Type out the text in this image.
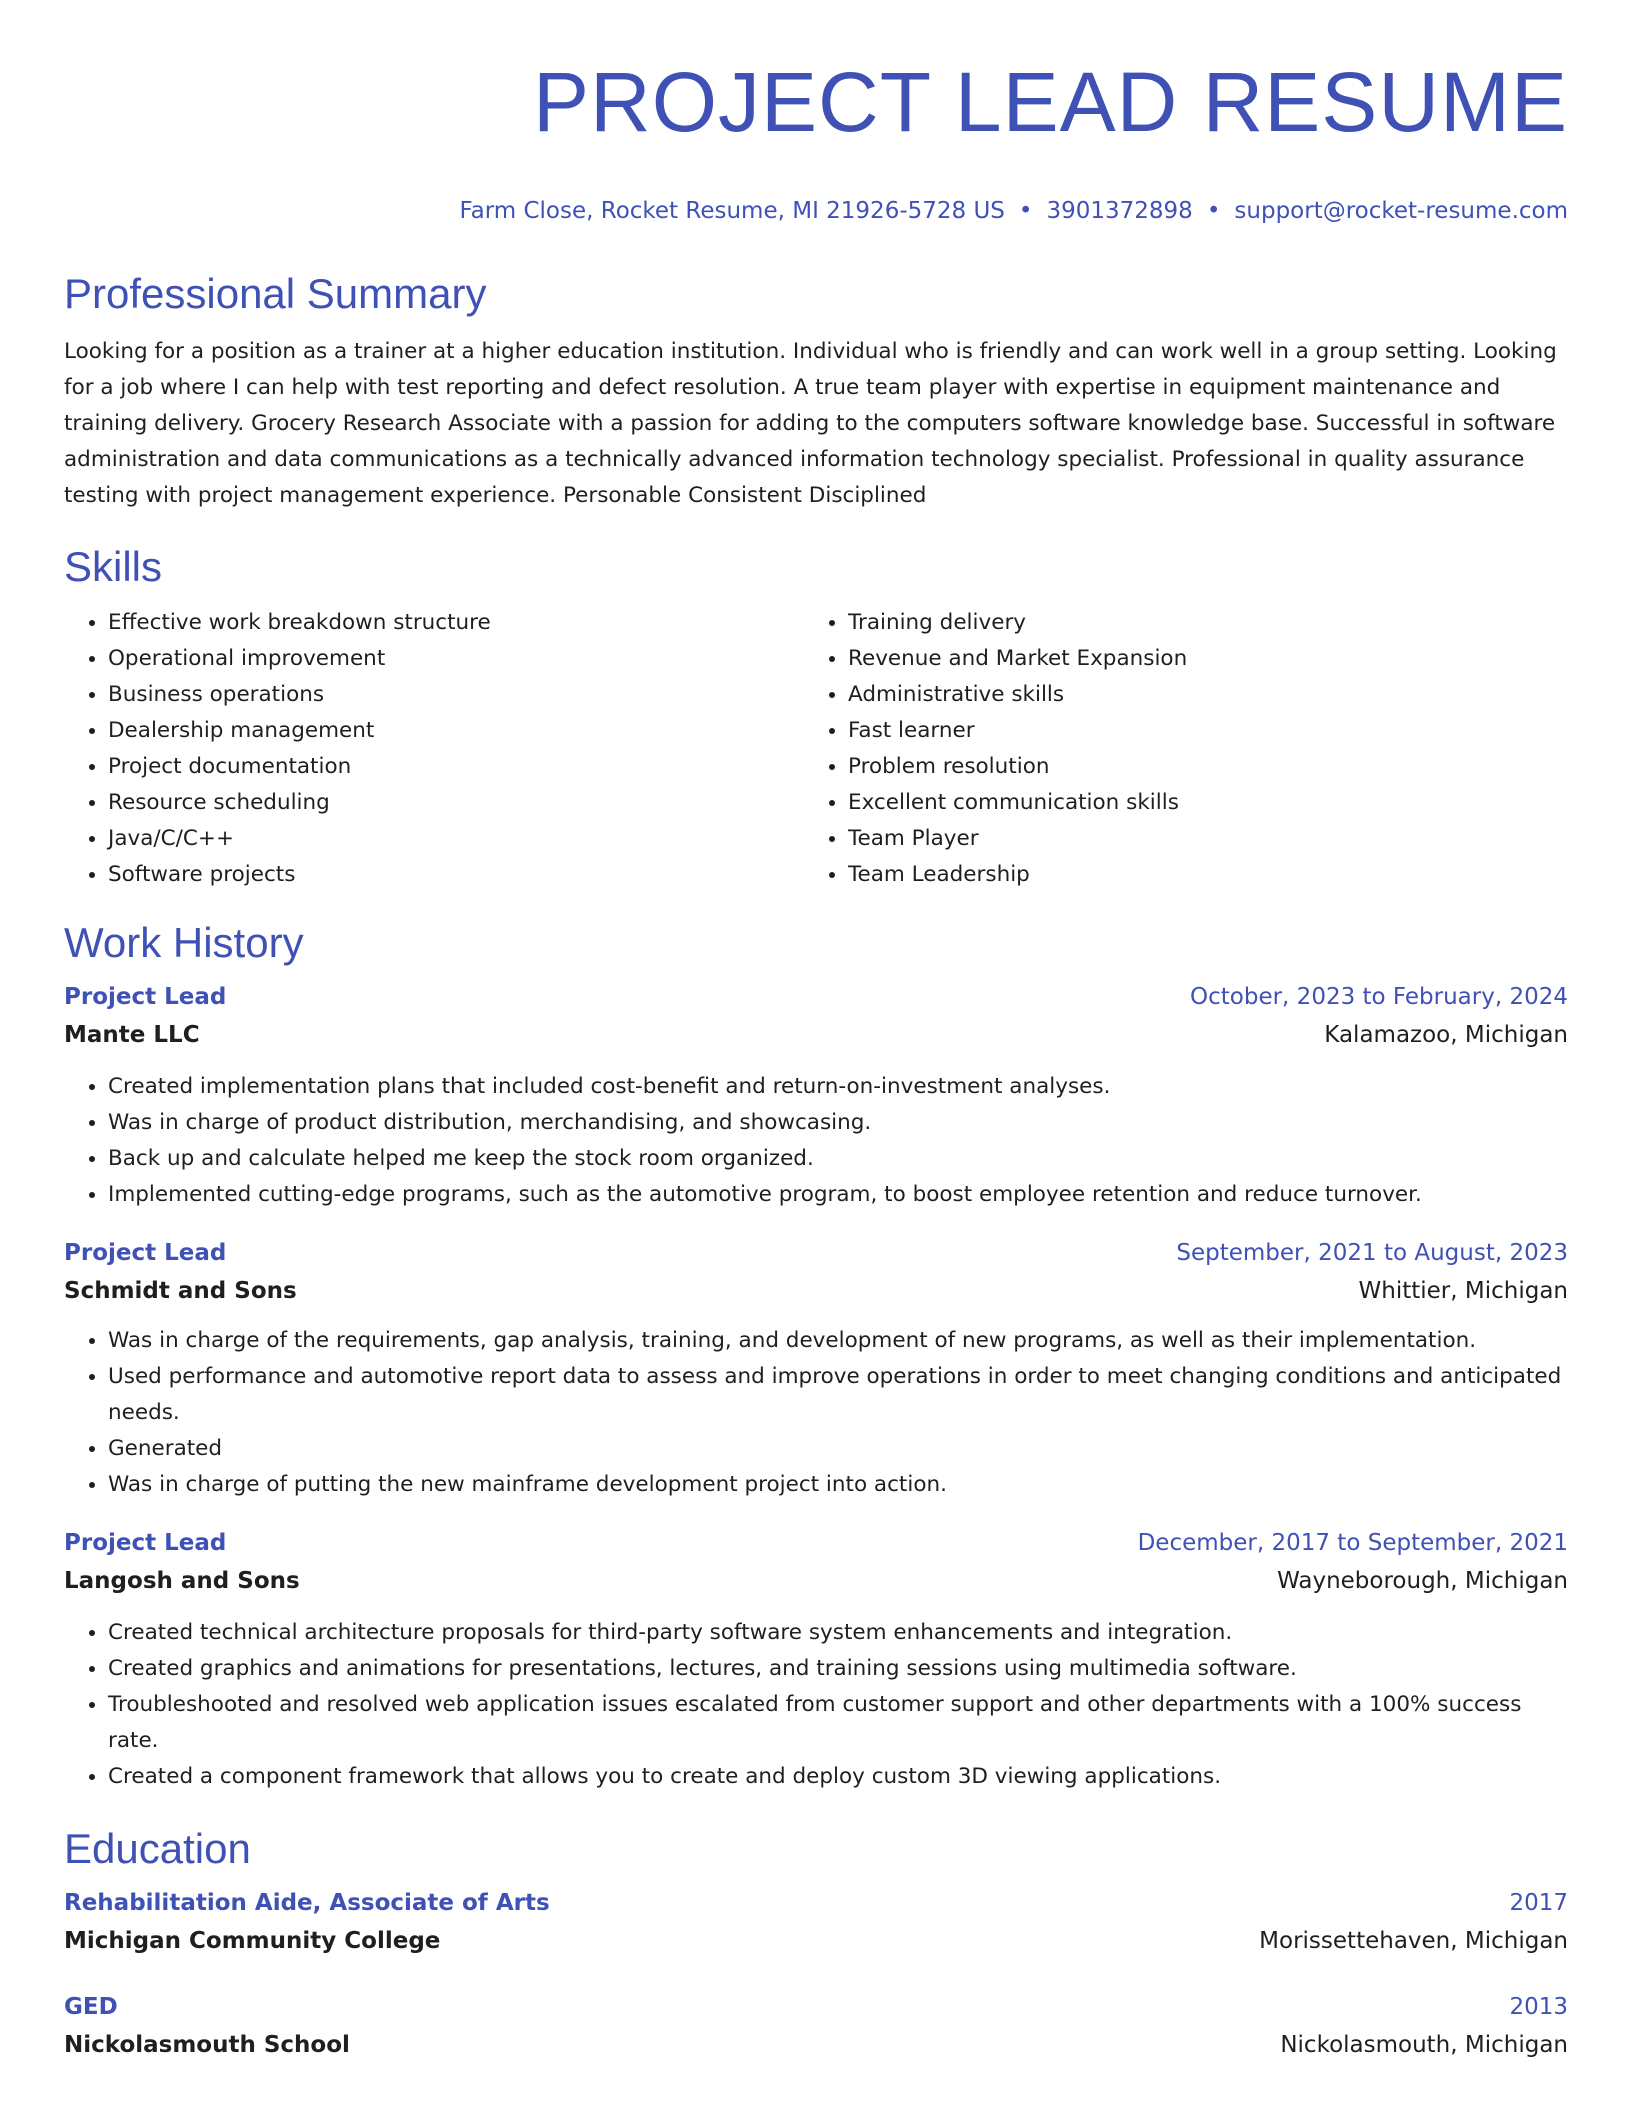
PROJECT LEAD RESUME
Farm Close, Rocket Resume, MI 21926-5728 US • 3901372898 • support@rocket-resume.com
Professional Summary
Looking for a position as a trainer at a higher education institution. Individual who is friendly and can work well in a group setting. Looking for a job where I can help with test reporting and defect resolution. A true team player with expertise in equipment maintenance and training delivery. Grocery Research Associate with a passion for adding to the computers software knowledge base. Successful in software administration and data communications as a technically advanced information technology specialist. Professional in quality assurance testing with project management experience. Personable Consistent Disciplined
Skills
• Effective work breakdown structure
• Operational improvement
• Business operations
• Dealership management
• Project documentation
• Resource scheduling
• Java/C/C++
• Software projects
• Training delivery
• Revenue and Market Expansion
• Administrative skills
• Fast learner
• Problem resolution
• Excellent communication skills
• Team Player
• Team Leadership
Work History
Project Lead	October, 2023 to February, 2024
Mante LLC	Kalamazoo, Michigan
• Created implementation plans that included cost-benefit and return-on-investment analyses.
• Was in charge of product distribution, merchandising, and showcasing.
• Back up and calculate helped me keep the stock room organized.
• Implemented cutting-edge programs, such as the automotive program, to boost employee retention and reduce turnover.
Project Lead	September, 2021 to August, 2023
Schmidt and Sons	Whittier, Michigan
• Was in charge of the requirements, gap analysis, training, and development of new programs, as well as their implementation.
• Used performance and automotive report data to assess and improve operations in order to meet changing conditions and anticipated needs.
• Generated
• Was in charge of putting the new mainframe development project into action.
Project Lead	December, 2017 to September, 2021
Langosh and Sons	Wayneborough, Michigan
• Created technical architecture proposals for third-party software system enhancements and integration.
• Created graphics and animations for presentations, lectures, and training sessions using multimedia software.
• Troubleshooted and resolved web application issues escalated from customer support and other departments with a 100% success rate.
• Created a component framework that allows you to create and deploy custom 3D viewing applications.
Education
Rehabilitation Aide, Associate of Arts	2017
Michigan Community College	Morissettehaven, Michigan
GED	2013
Nickolasmouth School	Nickolasmouth, Michigan
